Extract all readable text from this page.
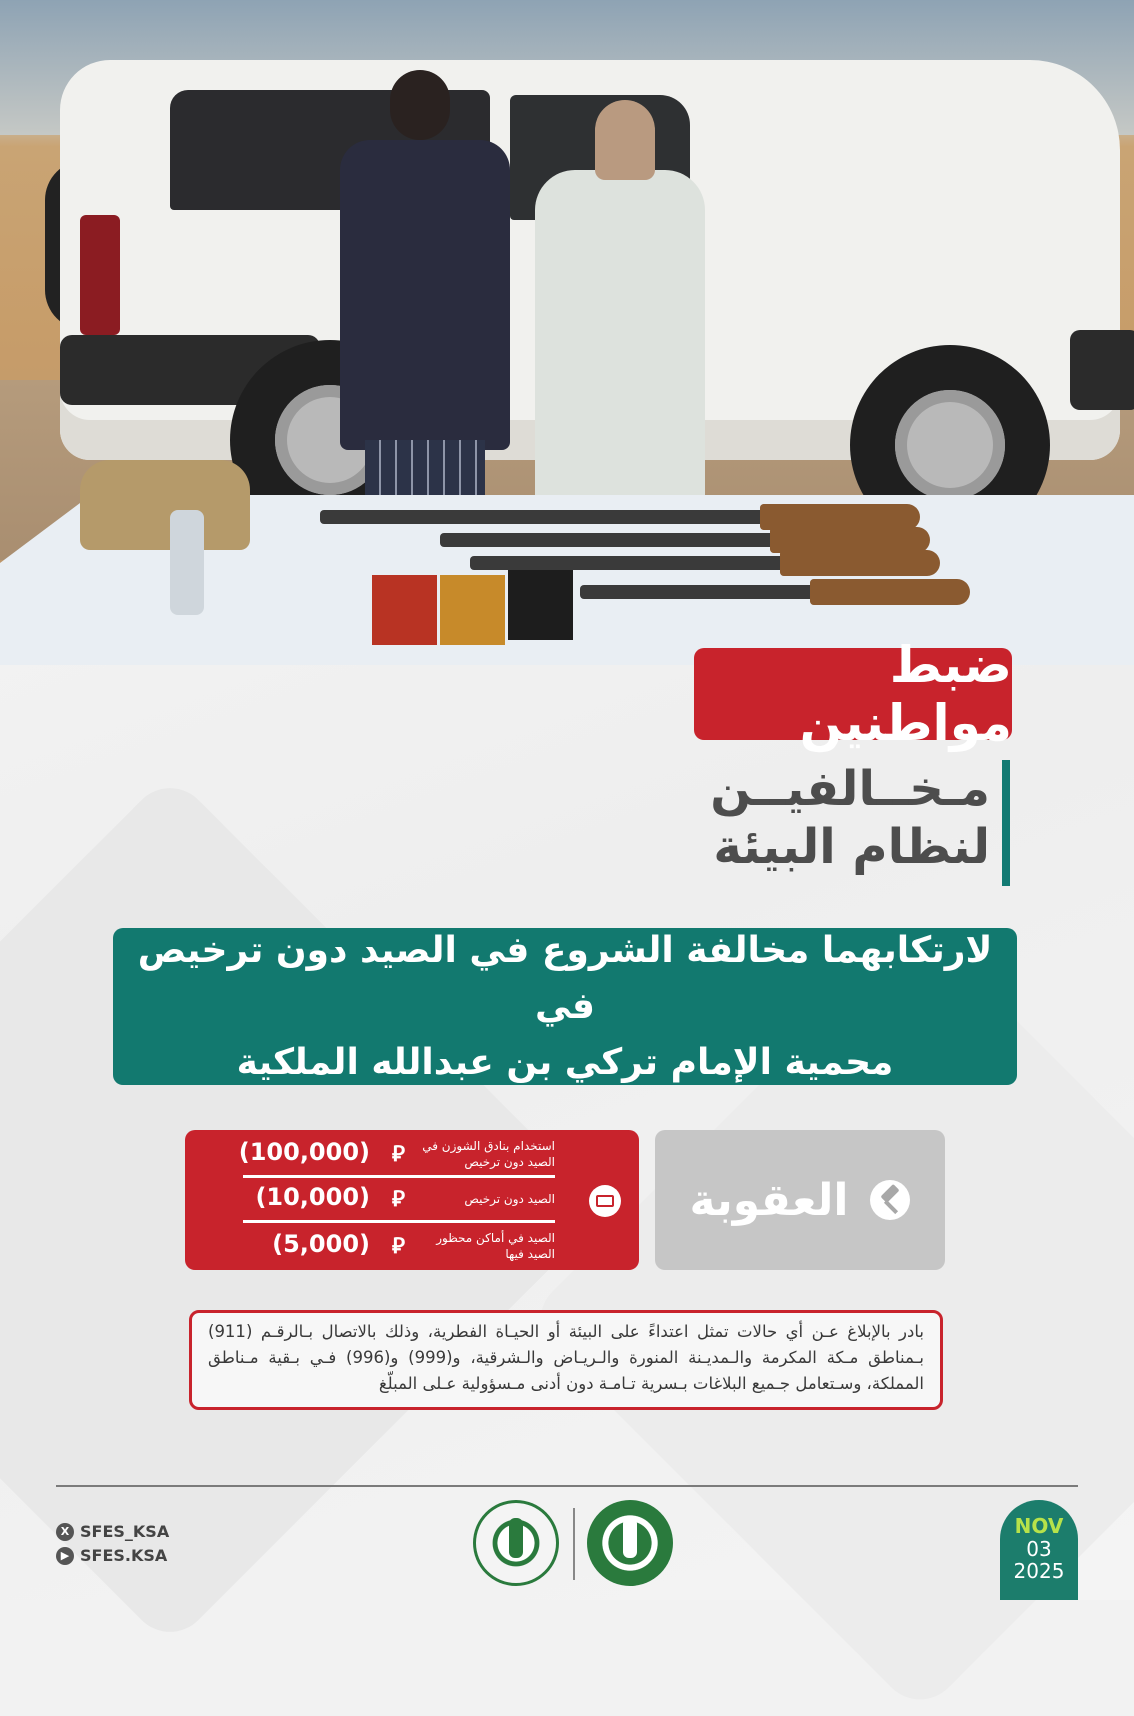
ضبط مواطنين
مـخــالفيــن
لنظام البيئة
لارتكابهما مخالفة الشروع في الصيد دون ترخيص في
محمية الإمام تركي بن عبدالله الملكية
العقوبة
استخدام بنادق الشوزن في الصيد دون ترخيص
⃁
(100,000)
الصيد دون ترخيص
⃁
(10,000)
الصيد في أماكن محظور الصيد فيها
⃁
(5,000)
بادر بالإبلاغ عـن أي حالات تمثل اعتداءً على البيئة أو الحيـاة الفطرية، وذلك بالاتصال بـالرقـم (911) بـمناطق مـكة المكرمة والـمديـنة المنورة والـريـاض والـشرقية، و(999) و(996) فـي بـقية مـناطق المملكة، وسـتعامل جـميع البلاغات بـسرية تـامـة دون أدنى مـسؤولية عـلى المبلّغ
X SFES_KSA
▶ SFES.KSA
NOV
03
2025
